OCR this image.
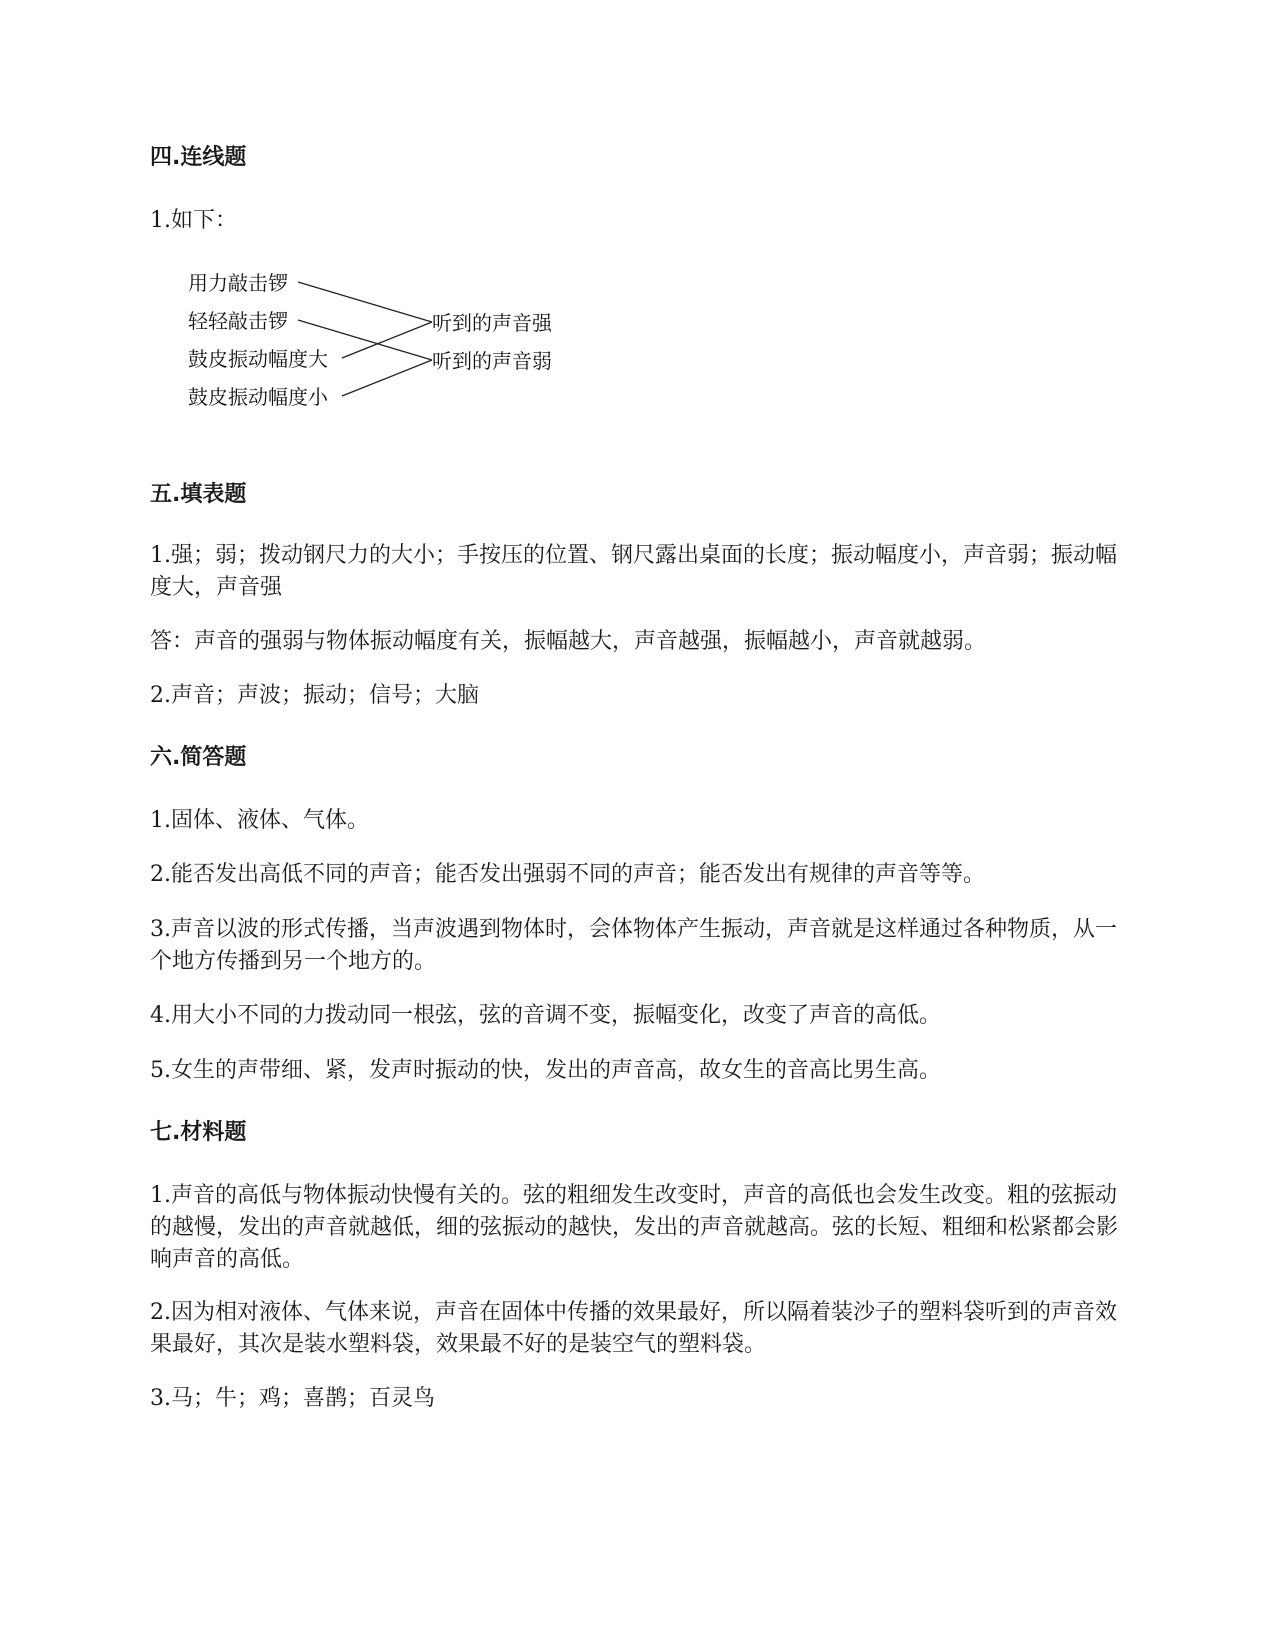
四.连线题

1.如下：

用力敲击锣
轻轻敲击锣
鼓皮振动幅度大
鼓皮振动幅度小
听到的声音强
听到的声音弱
五.填表题

1.强；弱；拨动钢尺力的大小；手按压的位置、钢尺露出桌面的长度；振动幅度小，声音弱；振动幅度大，声音强

答：声音的强弱与物体振动幅度有关，振幅越大，声音越强，振幅越小，声音就越弱。

2.声音；声波；振动；信号；大脑

六.简答题

1.固体、液体、气体。

2.能否发出高低不同的声音；能否发出强弱不同的声音；能否发出有规律的声音等等。

3.声音以波的形式传播，当声波遇到物体时，会体物体产生振动，声音就是这样通过各种物质，从一个地方传播到另一个地方的。

4.用大小不同的力拨动同一根弦，弦的音调不变，振幅变化，改变了声音的高低。

5.女生的声带细、紧，发声时振动的快，发出的声音高，故女生的音高比男生高。

七.材料题

1.声音的高低与物体振动快慢有关的。弦的粗细发生改变时，声音的高低也会发生改变。粗的弦振动的越慢，发出的声音就越低，细的弦振动的越快，发出的声音就越高。弦的长短、粗细和松紧都会影响声音的高低。

2.因为相对液体、气体来说，声音在固体中传播的效果最好，所以隔着装沙子的塑料袋听到的声音效果最好，其次是装水塑料袋，效果最不好的是装空气的塑料袋。

3.马；牛；鸡；喜鹊；百灵鸟
